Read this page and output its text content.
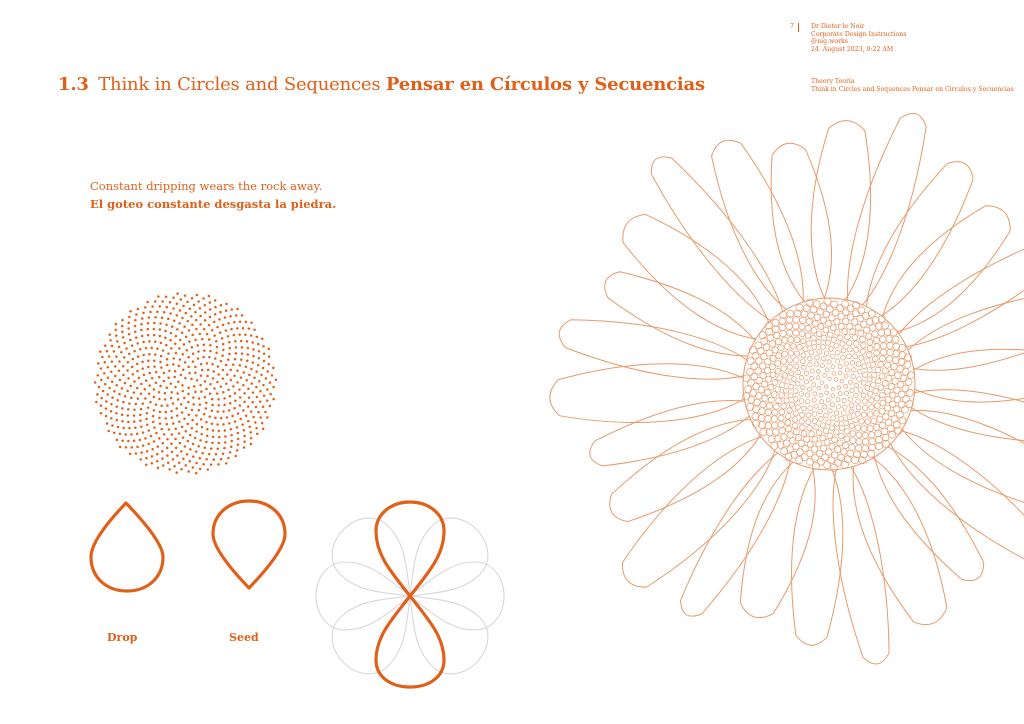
7	Dr Dieter le Noir
Corporate Design Instructions
@nig.works
24. August 2023, 9:22 AM
Theory Teoría
Think in Circles and Sequences Pensar en Círculos y Secuencias
1.3 Think in Circles and Sequences Pensar en Círculos y Secuencias
Constant dripping wears the rock away.
El goteo constante desgasta la piedra.
Drop	Seed
